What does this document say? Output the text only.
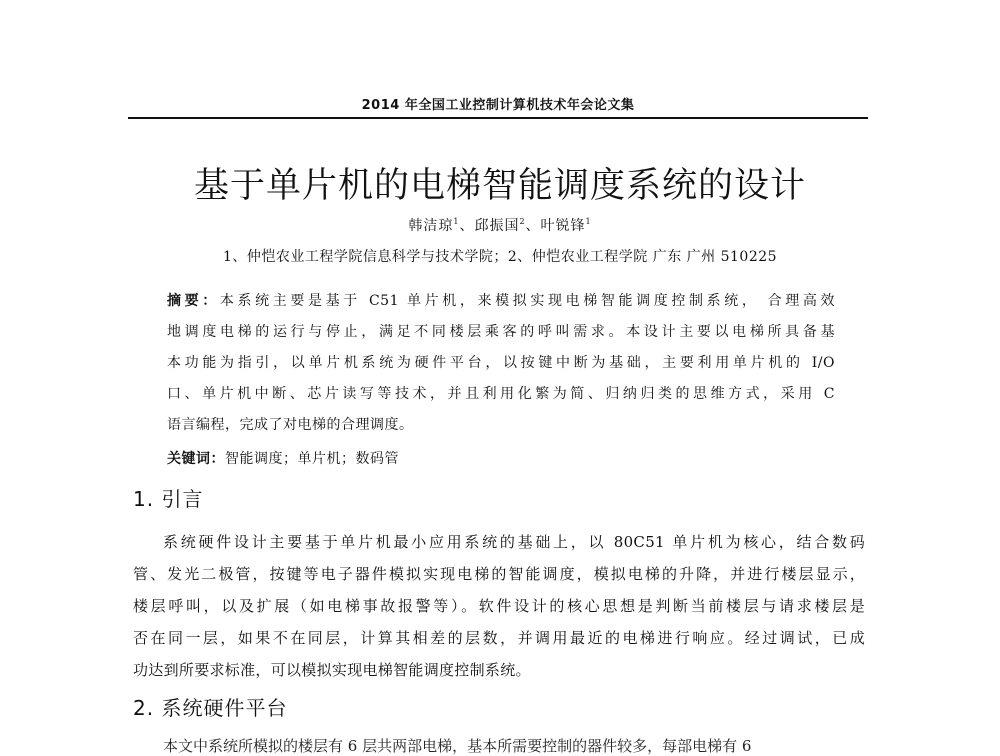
2014 年全国工业控制计算机技术年会论文集
基于单片机的电梯智能调度系统的设计
韩洁琼$^1$、邱振国$^2$、叶锐锋$^1$
1、仲恺农业工程学院信息科学与技术学院；2、仲恺农业工程学院 广东 广州 510225
摘要：本系统主要是基于 C51 单片机，来模拟实现电梯智能调度控制系统， 合理高效
地调度电梯的运行与停止，满足不同楼层乘客的呼叫需求。本设计主要以电梯所具备基
本功能为指引，以单片机系统为硬件平台，以按键中断为基础，主要利用单片机的 I/O
口、单片机中断、芯片读写等技术，并且利用化繁为简、归纳归类的思维方式，采用 C
语言编程，完成了对电梯的合理调度。
关键词：智能调度；单片机；数码管
1. 引言
系统硬件设计主要基于单片机最小应用系统的基础上，以 80C51 单片机为核心，结合数码
管、发光二极管，按键等电子器件模拟实现电梯的智能调度，模拟电梯的升降，并进行楼层显示，
楼层呼叫，以及扩展（如电梯事故报警等）。软件设计的核心思想是判断当前楼层与请求楼层是
否在同一层，如果不在同层，计算其相差的层数，并调用最近的电梯进行响应。经过调试，已成
功达到所要求标准，可以模拟实现电梯智能调度控制系统。
2. 系统硬件平台
本文中系统所模拟的楼层有 6 层共两部电梯，基本所需要控制的器件较多，每部电梯有 6
